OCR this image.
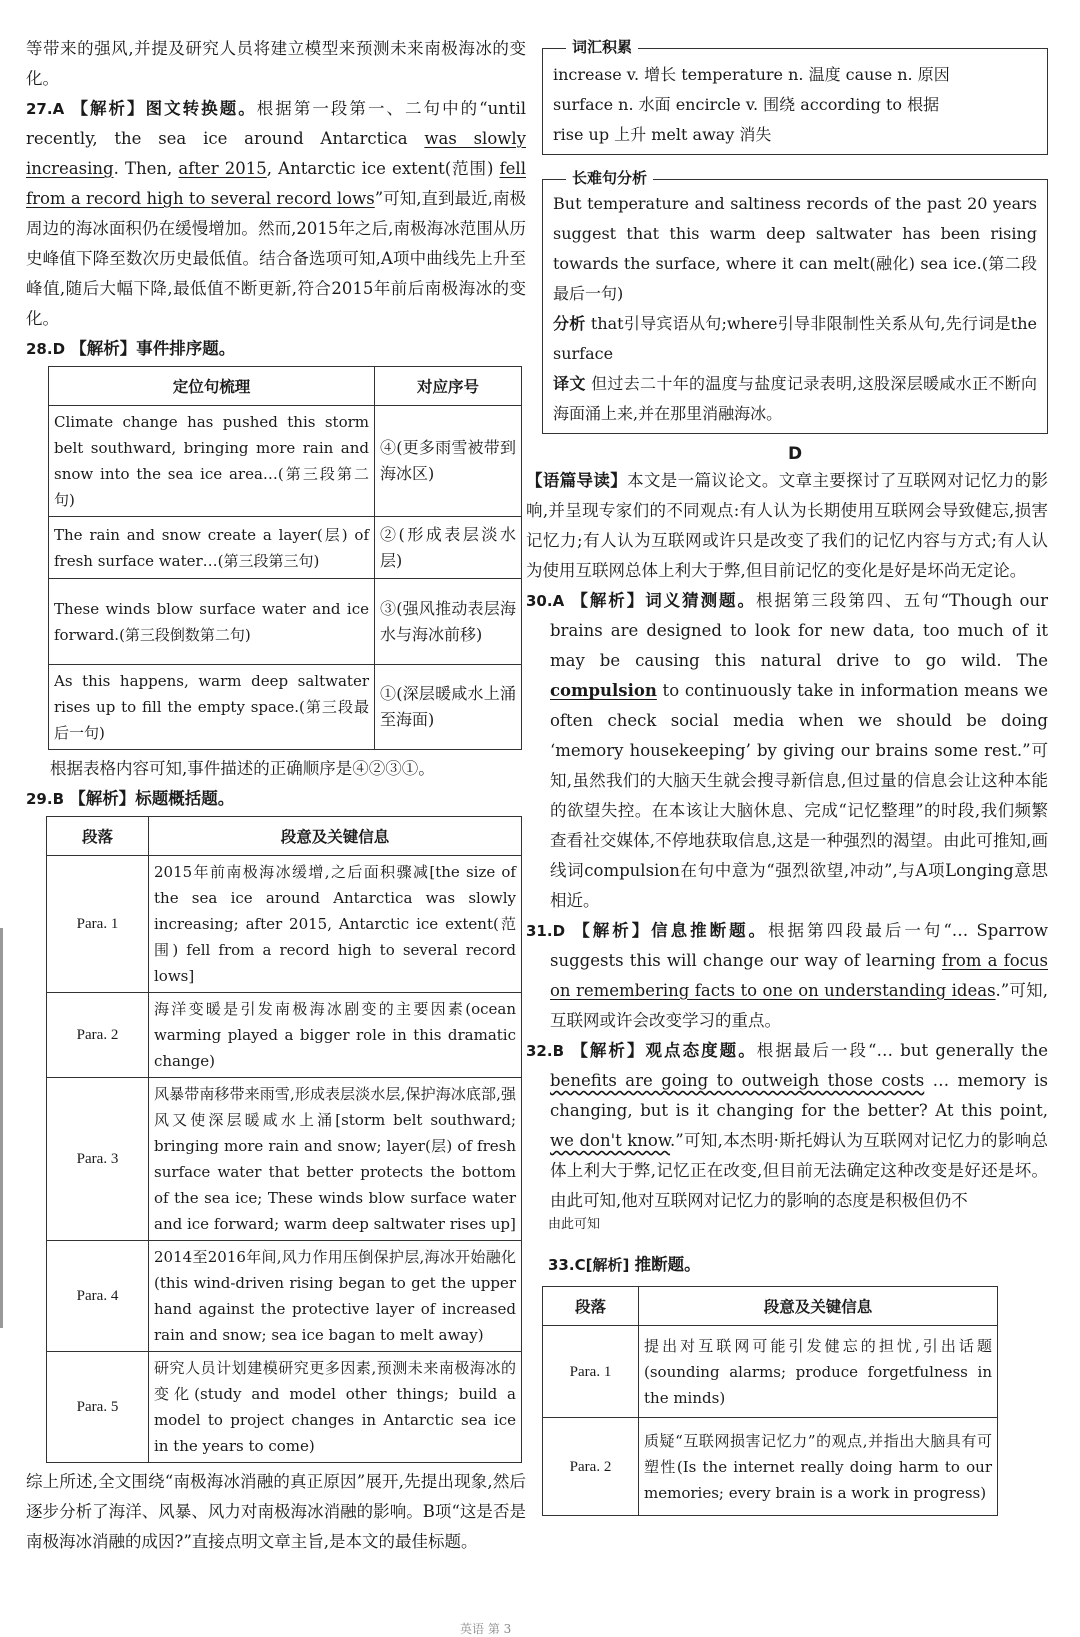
等带来的强风,并提及研究人员将建立模型来预测未来南极海冰的变化。

27.A 【解析】图文转换题。根据第一段第一、二句中的“until recently, the sea ice around Antarctica was slowly increasing. Then, after 2015, Antarctic ice extent(范围) fell from a record high to several record lows”可知,直到最近,南极周边的海冰面积仍在缓慢增加。然而,2015年之后,南极海冰范围从历史峰值下降至数次历史最低值。结合备选项可知,A项中曲线先上升至峰值,随后大幅下降,最低值不断更新,符合2015年前后南极海冰的变化。

28.D 【解析】事件排序题。

定位句梳理	对应序号
Climate change has pushed this storm belt southward, bringing more rain and snow into the sea ice area…(第三段第二句)	④(更多雨雪被带到海冰区)
The rain and snow create a layer(层) of fresh surface water…(第三段第三句)	②(形成表层淡水层)
These winds blow surface water and ice forward.(第三段倒数第二句)	③(强风推动表层海水与海冰前移)
As this happens, warm deep saltwater rises up to fill the empty space.(第三段最后一句)	①(深层暖咸水上涌至海面)

根据表格内容可知,事件描述的正确顺序是④②③①。

29.B 【解析】标题概括题。

段落	段意及关键信息
Para. 1	2015年前南极海冰缓增,之后面积骤减[the size of the sea ice around Antarctica was slowly increasing; after 2015, Antarctic ice extent(范围) fell from a record high to several record lows]
Para. 2	海洋变暖是引发南极海冰剧变的主要因素(ocean warming played a bigger role in this dramatic change)
Para. 3	风暴带南移带来雨雪,形成表层淡水层,保护海冰底部,强风又使深层暖咸水上涌[storm belt southward; bringing more rain and snow; layer(层) of fresh surface water that better protects the bottom of the sea ice; These winds blow surface water and ice forward; warm deep saltwater rises up]
Para. 4	2014至2016年间,风力作用压倒保护层,海冰开始融化(this wind-driven rising began to get the upper hand against the protective layer of increased rain and snow; sea ice bagan to melt away)
Para. 5	研究人员计划建模研究更多因素,预测未来南极海冰的变化(study and model other things; build a model to project changes in Antarctic sea ice in the years to come)

综上所述,全文围绕“南极海冰消融的真正原因”展开,先提出现象,然后逐步分析了海洋、风暴、风力对南极海冰消融的影响。B项“这是否是南极海冰消融的成因?”直接点明文章主旨,是本文的最佳标题。

词汇积累

increase v. 增长 temperature n. 温度 cause n. 原因

surface n. 水面 encircle v. 围绕 according to 根据

rise up 上升 melt away 消失

长难句分析

But temperature and saltiness records of the past 20 years suggest that this warm deep saltwater has been rising towards the surface, where it can melt(融化) sea ice.(第二段最后一句)

分析 that引导宾语从句;where引导非限制性关系从句,先行词是the surface

译文 但过去二十年的温度与盐度记录表明,这股深层暖咸水正不断向海面涌上来,并在那里消融海冰。

D

【语篇导读】本文是一篇议论文。文章主要探讨了互联网对记忆力的影响,并呈现专家们的不同观点:有人认为长期使用互联网会导致健忘,损害记忆力;有人认为互联网或许只是改变了我们的记忆内容与方式;有人认为使用互联网总体上利大于弊,但目前记忆的变化是好是坏尚无定论。

30.A 【解析】词义猜测题。根据第三段第四、五句“Though our brains are designed to look for new data, too much of it may be causing this natural drive to go wild. The compulsion to continuously take in information means we often check social media when we should be doing ‘memory housekeeping’ by giving our brains some rest.”可知,虽然我们的大脑天生就会搜寻新信息,但过量的信息会让这种本能的欲望失控。在本该让大脑休息、完成“记忆整理”的时段,我们频繁查看社交媒体,不停地获取信息,这是一种强烈的渴望。由此可推知,画线词compulsion在句中意为“强烈欲望,冲动”,与A项Longing意思相近。

31.D 【解析】信息推断题。根据第四段最后一句“… Sparrow suggests this will change our way of learning from a focus on remembering facts to one on understanding ideas.”可知,互联网或许会改变学习的重点。

32.B 【解析】观点态度题。根据最后一段“… but generally the benefits are going to outweigh those costs … memory is changing, but is it changing for the better? At this point, we don't know.”可知,本杰明·斯托姆认为互联网对记忆力的影响总体上利大于弊,记忆正在改变,但目前无法确定这种改变是好还是坏。由此可知,他对互联网对记忆力的影响的态度是积极但仍不

由此可知

33.C[解析] 推断题。

段落	段意及关键信息
Para. 1	提出对互联网可能引发健忘的担忧,引出话题(sounding alarms; produce forgetfulness in the minds)
Para. 2	质疑“互联网损害记忆力”的观点,并指出大脑具有可塑性(Is the internet really doing harm to our memories; every brain is a work in progress)
英语 第 3
